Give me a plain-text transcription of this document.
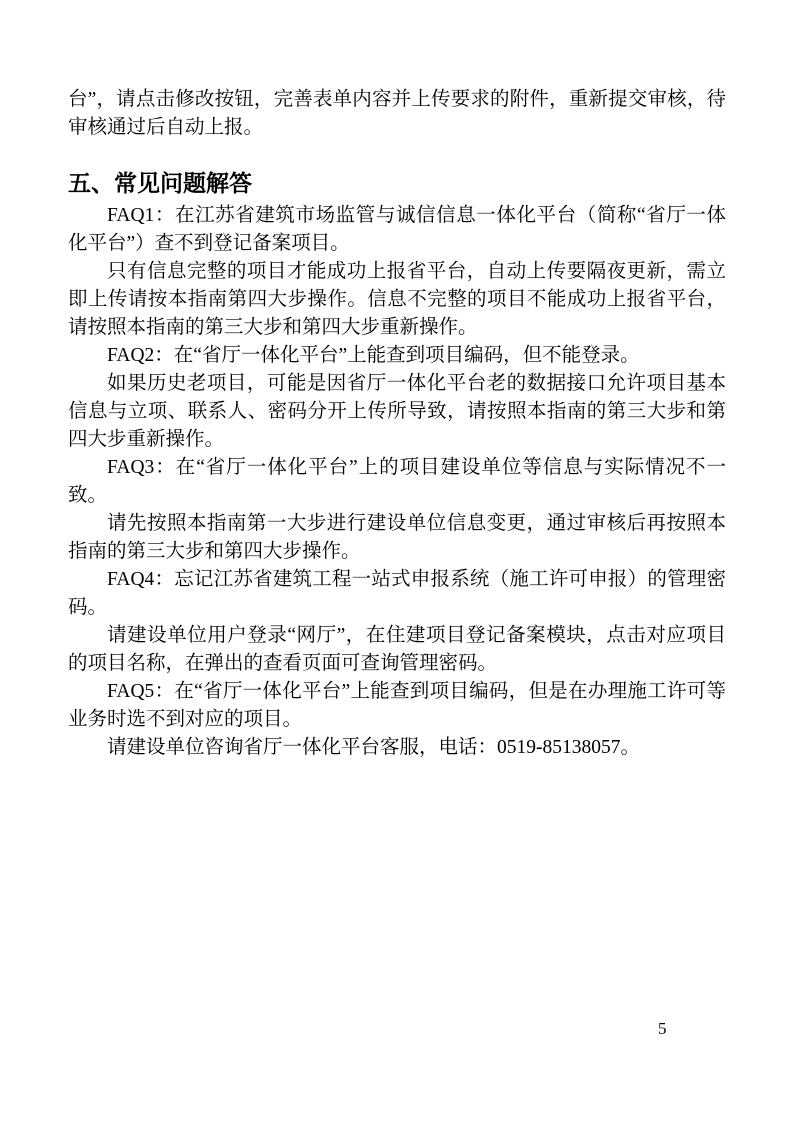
台”，请点击修改按钮，完善表单内容并上传要求的附件，重新提交审核，待审核通过后自动上报。

五、常见问题解答

FAQ1：在江苏省建筑市场监管与诚信信息一体化平台（简称“省厅一体化平台”）查不到登记备案项目。

只有信息完整的项目才能成功上报省平台，自动上传要隔夜更新，需立即上传请按本指南第四大步操作。信息不完整的项目不能成功上报省平台，请按照本指南的第三大步和第四大步重新操作。

FAQ2：在“省厅一体化平台”上能查到项目编码，但不能登录。

如果历史老项目，可能是因省厅一体化平台老的数据接口允许项目基本信息与立项、联系人、密码分开上传所导致，请按照本指南的第三大步和第四大步重新操作。

FAQ3：在“省厅一体化平台”上的项目建设单位等信息与实际情况不一致。

请先按照本指南第一大步进行建设单位信息变更，通过审核后再按照本指南的第三大步和第四大步操作。

FAQ4：忘记江苏省建筑工程一站式申报系统（施工许可申报）的管理密码。

请建设单位用户登录“网厅”，在住建项目登记备案模块，点击对应项目的项目名称，在弹出的查看页面可查询管理密码。

FAQ5：在“省厅一体化平台”上能查到项目编码，但是在办理施工许可等业务时选不到对应的项目。

请建设单位咨询省厅一体化平台客服，电话：0519-85138057。

5
